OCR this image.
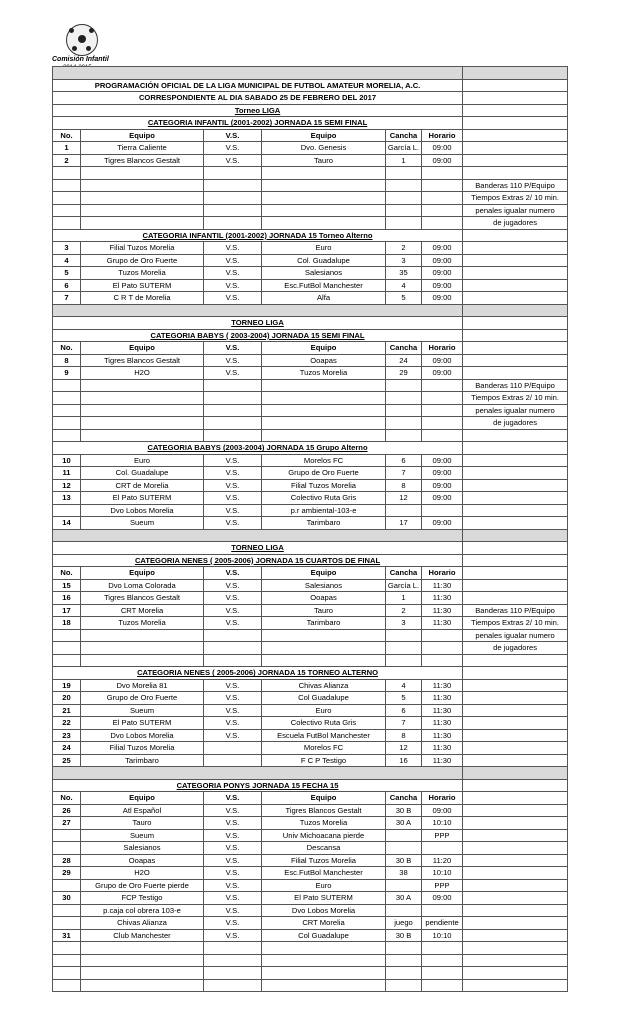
Comisión Infantil

PROGRAMACIÓN OFICIAL DE LA LIGA MUNICIPAL DE FUTBOL AMATEUR MORELIA, A.C.						
CORRESPONDIENTE AL DIA SABADO 25 DE FEBRERO DEL 2017						
Torneo LIGA						
CATEGORIA INFANTIL (2001-2002) JORNADA 15 SEMI FINAL						
No.	Equipo	V.S.	Equipo	Cancha	Horario	
1	Tierra Caliente	V.S.	Dvo. Genesis	García L.	09:00	
2	Tigres Blancos Gestalt	V.S.	Tauro	1	09:00	

						Banderas 110 P/Equipo
						Tiempos Extras 2/ 10 min.
						penales igualar numero
						de jugadores
CATEGORIA INFANTIL (2001-2002) JORNADA 15 Torneo Alterno						
3	Filial Tuzos Morelia	V.S.	Euro	2	09:00	
4	Grupo de Oro Fuerte	V.S.	Col. Guadalupe	3	09:00	
5	Tuzos Morelia	V.S.	Salesianos	35	09:00	
6	El Pato SUTERM	V.S.	Esc.FutBol Manchester	4	09:00	
7	C R T de Morelia	V.S.	Alfa	5	09:00	

TORNEO LIGA						
CATEGORIA BABYS ( 2003-2004) JORNADA 15 SEMI FINAL						
No.	Equipo	V.S.	Equipo	Cancha	Horario	
8	Tigres Blancos Gestalt	V.S.	Ooapas	24	09:00	
9	H2O	V.S.	Tuzos Morelia	29	09:00	
						Banderas 110 P/Equipo
						Tiempos Extras 2/ 10 min.
						penales igualar numero
						de jugadores

CATEGORIA BABYS (2003-2004) JORNADA 15 Grupo Alterno						
10	Euro	V.S.	Morelos FC	6	09:00	
11	Col. Guadalupe	V.S.	Grupo de Oro Fuerte	7	09:00	
12	CRT de Morelia	V.S.	Filial Tuzos Morelia	8	09:00	
13	El Pato SUTERM	V.S.	Colectivo Ruta Gris	12	09:00	
	Dvo Lobos Morelia	V.S.	p.r ambiental-103-e			
14	Sueum	V.S.	Tarimbaro	17	09:00	

TORNEO LIGA						
CATEGORIA NENES ( 2005-2006) JORNADA 15 CUARTOS DE FINAL						
No.	Equipo	V.S.	Equipo	Cancha	Horario	
15	Dvo Loma Colorada	V.S.	Salesianos	García L.	11:30	
16	Tigres Blancos Gestalt	V.S.	Ooapas	1	11:30	
17	CRT Morelia	V.S.	Tauro	2	11:30	Banderas 110 P/Equipo
18	Tuzos Morelia	V.S.	Tarimbaro	3	11:30	Tiempos Extras 2/ 10 min.
						penales igualar numero
						de jugadores

CATEGORIA NENES ( 2005-2006) JORNADA 15 TORNEO ALTERNO						
19	Dvo Morelia 81	V.S.	Chivas Alianza	4	11:30	
20	Grupo de Oro Fuerte	V.S.	Col Guadalupe	5	11:30	
21	Sueum	V.S.	Euro	6	11:30	
22	El Pato SUTERM	V.S.	Colectivo Ruta Gris	7	11:30	
23	Dvo Lobos Morelia	V.S.	Escuela FutBol Manchester	8	11:30	
24	Filial Tuzos Morelia		Morelos FC	12	11:30	
25	Tarimbaro		F C P Testigo	16	11:30	

CATEGORIA PONYS JORNADA 15 FECHA 15						
No.	Equipo	V.S.	Equipo	Cancha	Horario	
26	Atl Español	V.S.	Tigres Blancos Gestalt	30 B	09:00	
27	Tauro	V.S.	Tuzos Morelia	30 A	10:10	
	Sueum	V.S.	Univ Michoacana pierde		PPP	
	Salesianos	V.S.	Descansa			
28	Ooapas	V.S.	Filial Tuzos Morelia	30 B	11:20	
29	H2O	V.S.	Esc.FutBol Manchester	38	10:10	
	Grupo de Oro Fuerte pierde	V.S.	Euro		PPP	
30	FCP Testigo	V.S.	El Pato SUTERM	30 A	09:00	
	p.caja col obrera 103-e	V.S.	Dvo Lobos Morelia			
	Chivas Alianza	V.S.	CRT Morelia	juego	pendiente	
31	Club Manchester	V.S.	Col Guadalupe	30 B	10:10	
